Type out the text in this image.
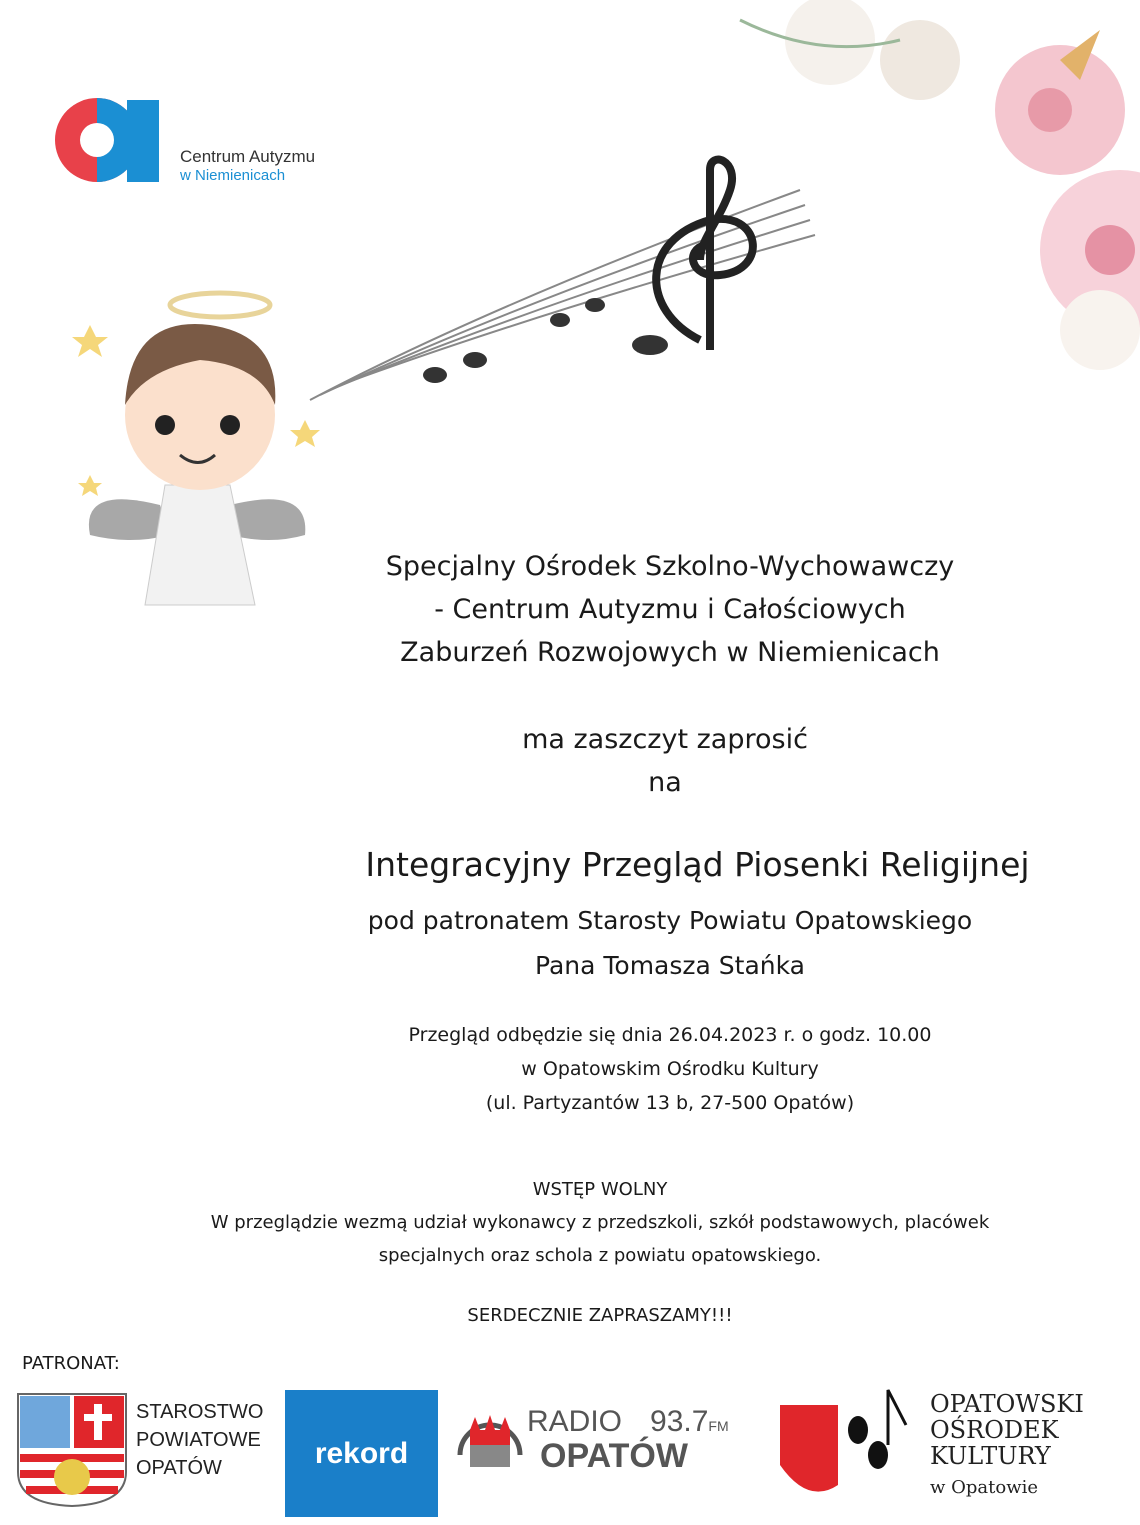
Centrum Autyzmu
w Niemienicach
Specjalny Ośrodek Szkolno-Wychowawczy
- Centrum Autyzmu i Całościowych
Zaburzeń Rozwojowych w Niemienicach
ma zaszczyt zaprosić
na
Integracyjny Przegląd Piosenki Religijnej
pod patronatem Starosty Powiatu Opatowskiego
Pana Tomasza Stańka
Przegląd odbędzie się dnia 26.04.2023 r. o godz. 10.00
w Opatowskim Ośrodku Kultury
(ul. Partyzantów 13 b, 27-500 Opatów)
WSTĘP WOLNY
W przeglądzie wezmą udział wykonawcy z przedszkoli, szkół podstawowych, placówek
specjalnych oraz schola z powiatu opatowskiego.
SERDECZNIE ZAPRASZAMY!!!
PATRONAT:
STAROSTWO
POWIATOWE
OPATÓW	rekord
RADIO 93.7FM
OPATÓW
OPATOWSKI
OŚRODEK
KULTURY
w Opatowie
